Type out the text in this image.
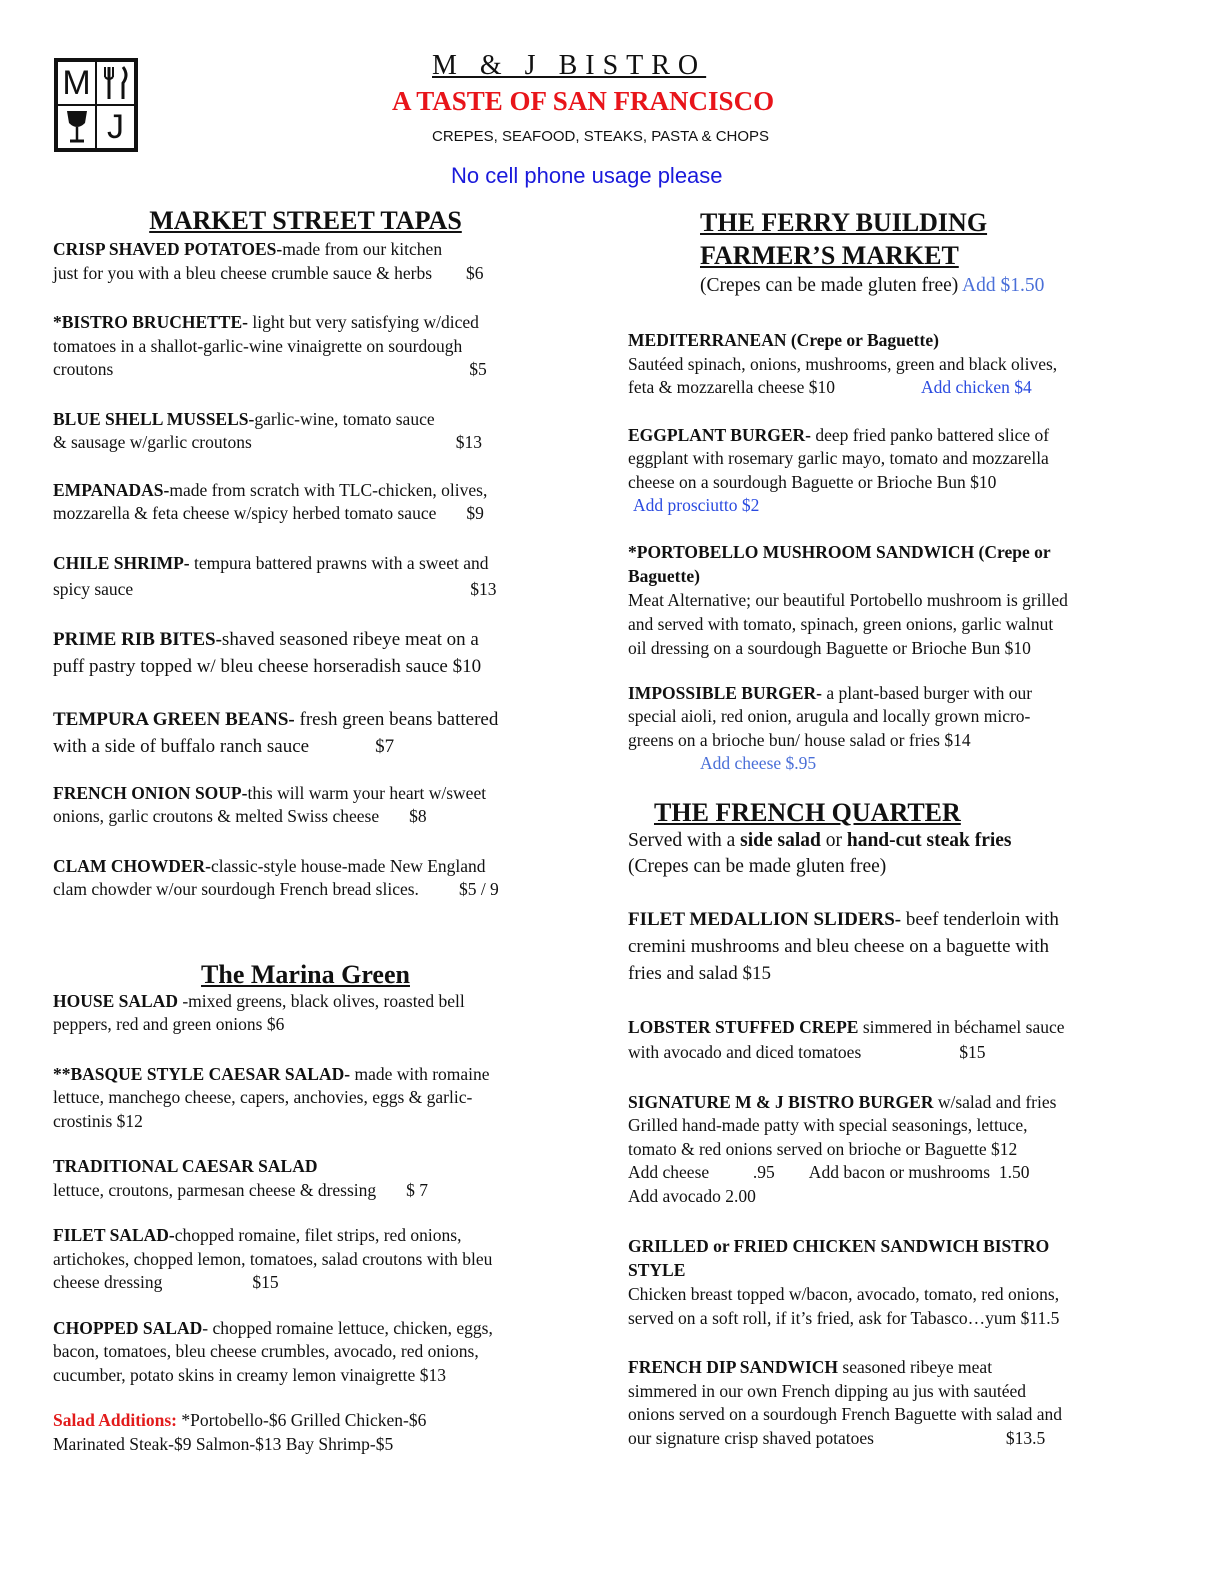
M
J
M & J BISTRO
A TASTE OF SAN FRANCISCO
CREPES, SEAFOOD, STEAKS, PASTA & CHOPS
No cell phone usage please
MARKET STREET TAPAS
CRISP SHAVED POTATOES-made from our kitchen
just for you with a bleu cheese crumble sauce & herbs $6
*BISTRO BRUCHETTE- light but very satisfying w/diced
tomatoes in a shallot-garlic-wine vinaigrette on sourdough
croutons	$5
BLUE SHELL MUSSELS-garlic-wine, tomato sauce
& sausage w/garlic croutons	$13
EMPANADAS-made from scratch with TLC-chicken, olives,
mozzarella & feta cheese w/spicy herbed tomato sauce $9
CHILE SHRIMP- tempura battered prawns with a sweet and
spicy sauce	$13
PRIME RIB BITES-shaved seasoned ribeye meat on a
puff pastry topped w/ bleu cheese horseradish sauce $10
TEMPURA GREEN BEANS- fresh green beans battered
with a side of buffalo ranch sauce	$7
FRENCH ONION SOUP-this will warm your heart w/sweet
onions, garlic croutons & melted Swiss cheese $8
CLAM CHOWDER-classic-style house-made New England
clam chowder w/our sourdough French bread slices. $5 / 9
The Marina Green
HOUSE SALAD -mixed greens, black olives, roasted bell
peppers, red and green onions $6
**BASQUE STYLE CAESAR SALAD- made with romaine
lettuce, manchego cheese, capers, anchovies, eggs & garlic-
crostinis $12
TRADITIONAL CAESAR SALAD
lettuce, croutons, parmesan cheese & dressing $ 7
FILET SALAD-chopped romaine, filet strips, red onions,
artichokes, chopped lemon, tomatoes, salad croutons with bleu
cheese dressing	$15
CHOPPED SALAD- chopped romaine lettuce, chicken, eggs,
bacon, tomatoes, bleu cheese crumbles, avocado, red onions,
cucumber, potato skins in creamy lemon vinaigrette $13
Salad Additions: *Portobello-$6 Grilled Chicken-$6
Marinated Steak-$9 Salmon-$13 Bay Shrimp-$5
THE FERRY BUILDING
FARMER’S MARKET
(Crepes can be made gluten free) Add $1.50
MEDITERRANEAN (Crepe or Baguette)
Sautéed spinach, onions, mushrooms, green and black olives,
feta & mozzarella cheese $10	Add chicken $4
EGGPLANT BURGER- deep fried panko battered slice of
eggplant with rosemary garlic mayo, tomato and mozzarella
cheese on a sourdough Baguette or Brioche Bun $10
Add prosciutto $2
*PORTOBELLO MUSHROOM SANDWICH (Crepe or
Baguette)
Meat Alternative; our beautiful Portobello mushroom is grilled
and served with tomato, spinach, green onions, garlic walnut
oil dressing on a sourdough Baguette or Brioche Bun $10
IMPOSSIBLE BURGER- a plant-based burger with our
special aioli, red onion, arugula and locally grown micro-
greens on a brioche bun/ house salad or fries $14
Add cheese $.95
THE FRENCH QUARTER
Served with a side salad or hand-cut steak fries
(Crepes can be made gluten free)
FILET MEDALLION SLIDERS- beef tenderloin with
cremini mushrooms and bleu cheese on a baguette with
fries and salad $15
LOBSTER STUFFED CREPE simmered in béchamel sauce
with avocado and diced tomatoes	$15
SIGNATURE M & J BISTRO BURGER w/salad and fries
Grilled hand-made patty with special seasonings, lettuce,
tomato & red onions served on brioche or Baguette $12
Add cheese          .95        Add bacon or mushrooms  1.50
Add avocado 2.00
GRILLED or FRIED CHICKEN SANDWICH BISTRO
STYLE
Chicken breast topped w/bacon, avocado, tomato, red onions,
served on a soft roll, if it’s fried, ask for Tabasco…yum $11.5
FRENCH DIP SANDWICH seasoned ribeye meat
simmered in our own French dipping au jus with sautéed
onions served on a sourdough French Baguette with salad and
our signature crisp shaved potatoes	$13.5
